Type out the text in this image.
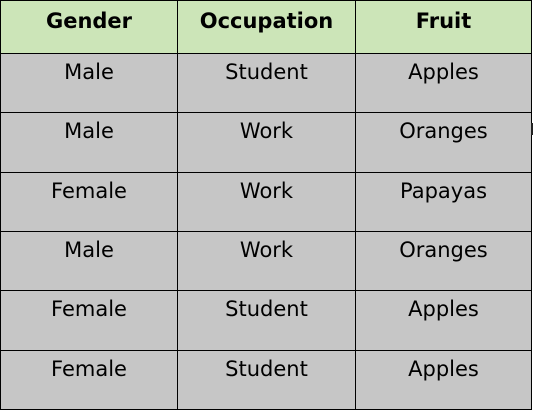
Gender	Occupation	Fruit
Male	Student	Apples
Male	Work	Oranges
Female	Work	Papayas
Male	Work	Oranges
Female	Student	Apples
Female	Student	Apples
